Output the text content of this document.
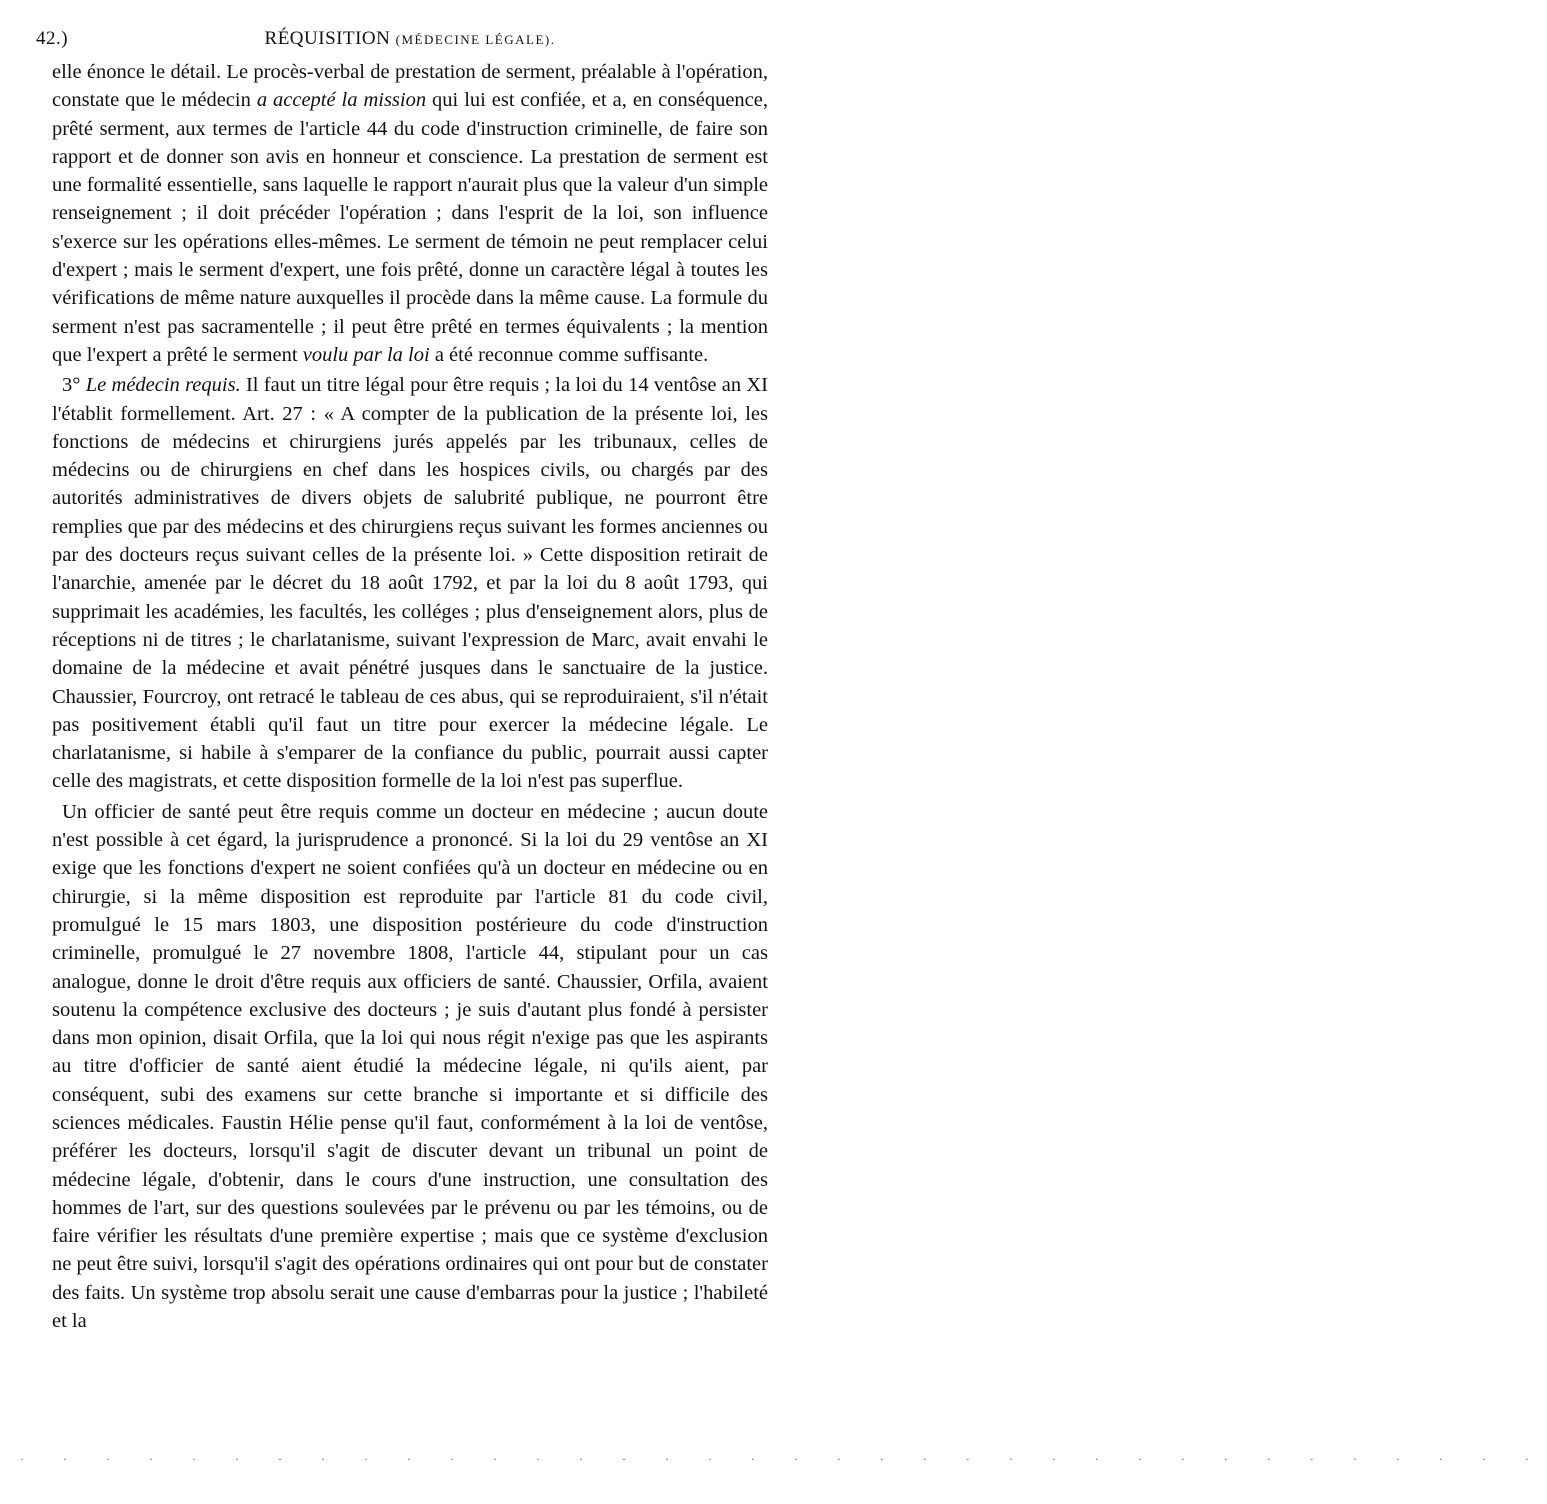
42.)	RÉQUISITION (MÉDECINE LÉGALE).

elle énonce le détail. Le procès-verbal de prestation de serment, préalable à l'opération, constate que le médecin a accepté la mission qui lui est confiée, et a, en conséquence, prêté serment, aux termes de l'article 44 du code d'instruction criminelle, de faire son rapport et de donner son avis en honneur et conscience. La prestation de serment est une formalité essentielle, sans laquelle le rapport n'aurait plus que la valeur d'un simple renseignement ; il doit précéder l'opération ; dans l'esprit de la loi, son influence s'exerce sur les opérations elles-mêmes. Le serment de témoin ne peut remplacer celui d'expert ; mais le serment d'expert, une fois prêté, donne un caractère légal à toutes les vérifications de même nature auxquelles il procède dans la même cause. La formule du serment n'est pas sacramentelle ; il peut être prêté en termes équivalents ; la mention que l'expert a prêté le serment voulu par la loi a été reconnue comme suffisante.

3° Le médecin requis. Il faut un titre légal pour être requis ; la loi du 14 ventôse an XI l'établit formellement. Art. 27 : « A compter de la publication de la présente loi, les fonctions de médecins et chirurgiens jurés appelés par les tribunaux, celles de médecins ou de chirurgiens en chef dans les hospices civils, ou chargés par des autorités administratives de divers objets de salubrité publique, ne pourront être remplies que par des médecins et des chirurgiens reçus suivant les formes anciennes ou par des docteurs reçus suivant celles de la présente loi. » Cette disposition retirait de l'anarchie, amenée par le décret du 18 août 1792, et par la loi du 8 août 1793, qui supprimait les académies, les facultés, les colléges ; plus d'enseignement alors, plus de réceptions ni de titres ; le charlatanisme, suivant l'expression de Marc, avait envahi le domaine de la médecine et avait pénétré jusques dans le sanctuaire de la justice. Chaussier, Fourcroy, ont retracé le tableau de ces abus, qui se reproduiraient, s'il n'était pas positivement établi qu'il faut un titre pour exercer la médecine légale. Le charlatanisme, si habile à s'emparer de la confiance du public, pourrait aussi capter celle des magistrats, et cette disposition formelle de la loi n'est pas superflue.

Un officier de santé peut être requis comme un docteur en médecine ; aucun doute n'est possible à cet égard, la jurisprudence a prononcé. Si la loi du 29 ventôse an XI exige que les fonctions d'expert ne soient confiées qu'à un docteur en médecine ou en chirurgie, si la même disposition est reproduite par l'article 81 du code civil, promulgué le 15 mars 1803, une disposition postérieure du code d'instruction criminelle, promulgué le 27 novembre 1808, l'article 44, stipulant pour un cas analogue, donne le droit d'être requis aux officiers de santé. Chaussier, Orfila, avaient soutenu la compétence exclusive des docteurs ; je suis d'autant plus fondé à persister dans mon opinion, disait Orfila, que la loi qui nous régit n'exige pas que les aspirants au titre d'officier de santé aient étudié la médecine légale, ni qu'ils aient, par conséquent, subi des examens sur cette branche si importante et si difficile des sciences médicales. Faustin Hélie pense qu'il faut, conformément à la loi de ventôse, préférer les docteurs, lorsqu'il s'agit de discuter devant un tribunal un point de médecine légale, d'obtenir, dans le cours d'une instruction, une consultation des hommes de l'art, sur des questions soulevées par le prévenu ou par les témoins, ou de faire vérifier les résultats d'une première expertise ; mais que ce système d'exclusion ne peut être suivi, lorsqu'il s'agit des opérations ordinaires qui ont pour but de constater des faits. Un système trop absolu serait une cause d'embarras pour la justice ; l'habileté et la

· · · · · · · · · · · · · · · · · · · · · · · · · · · · · · · · · · · ·
